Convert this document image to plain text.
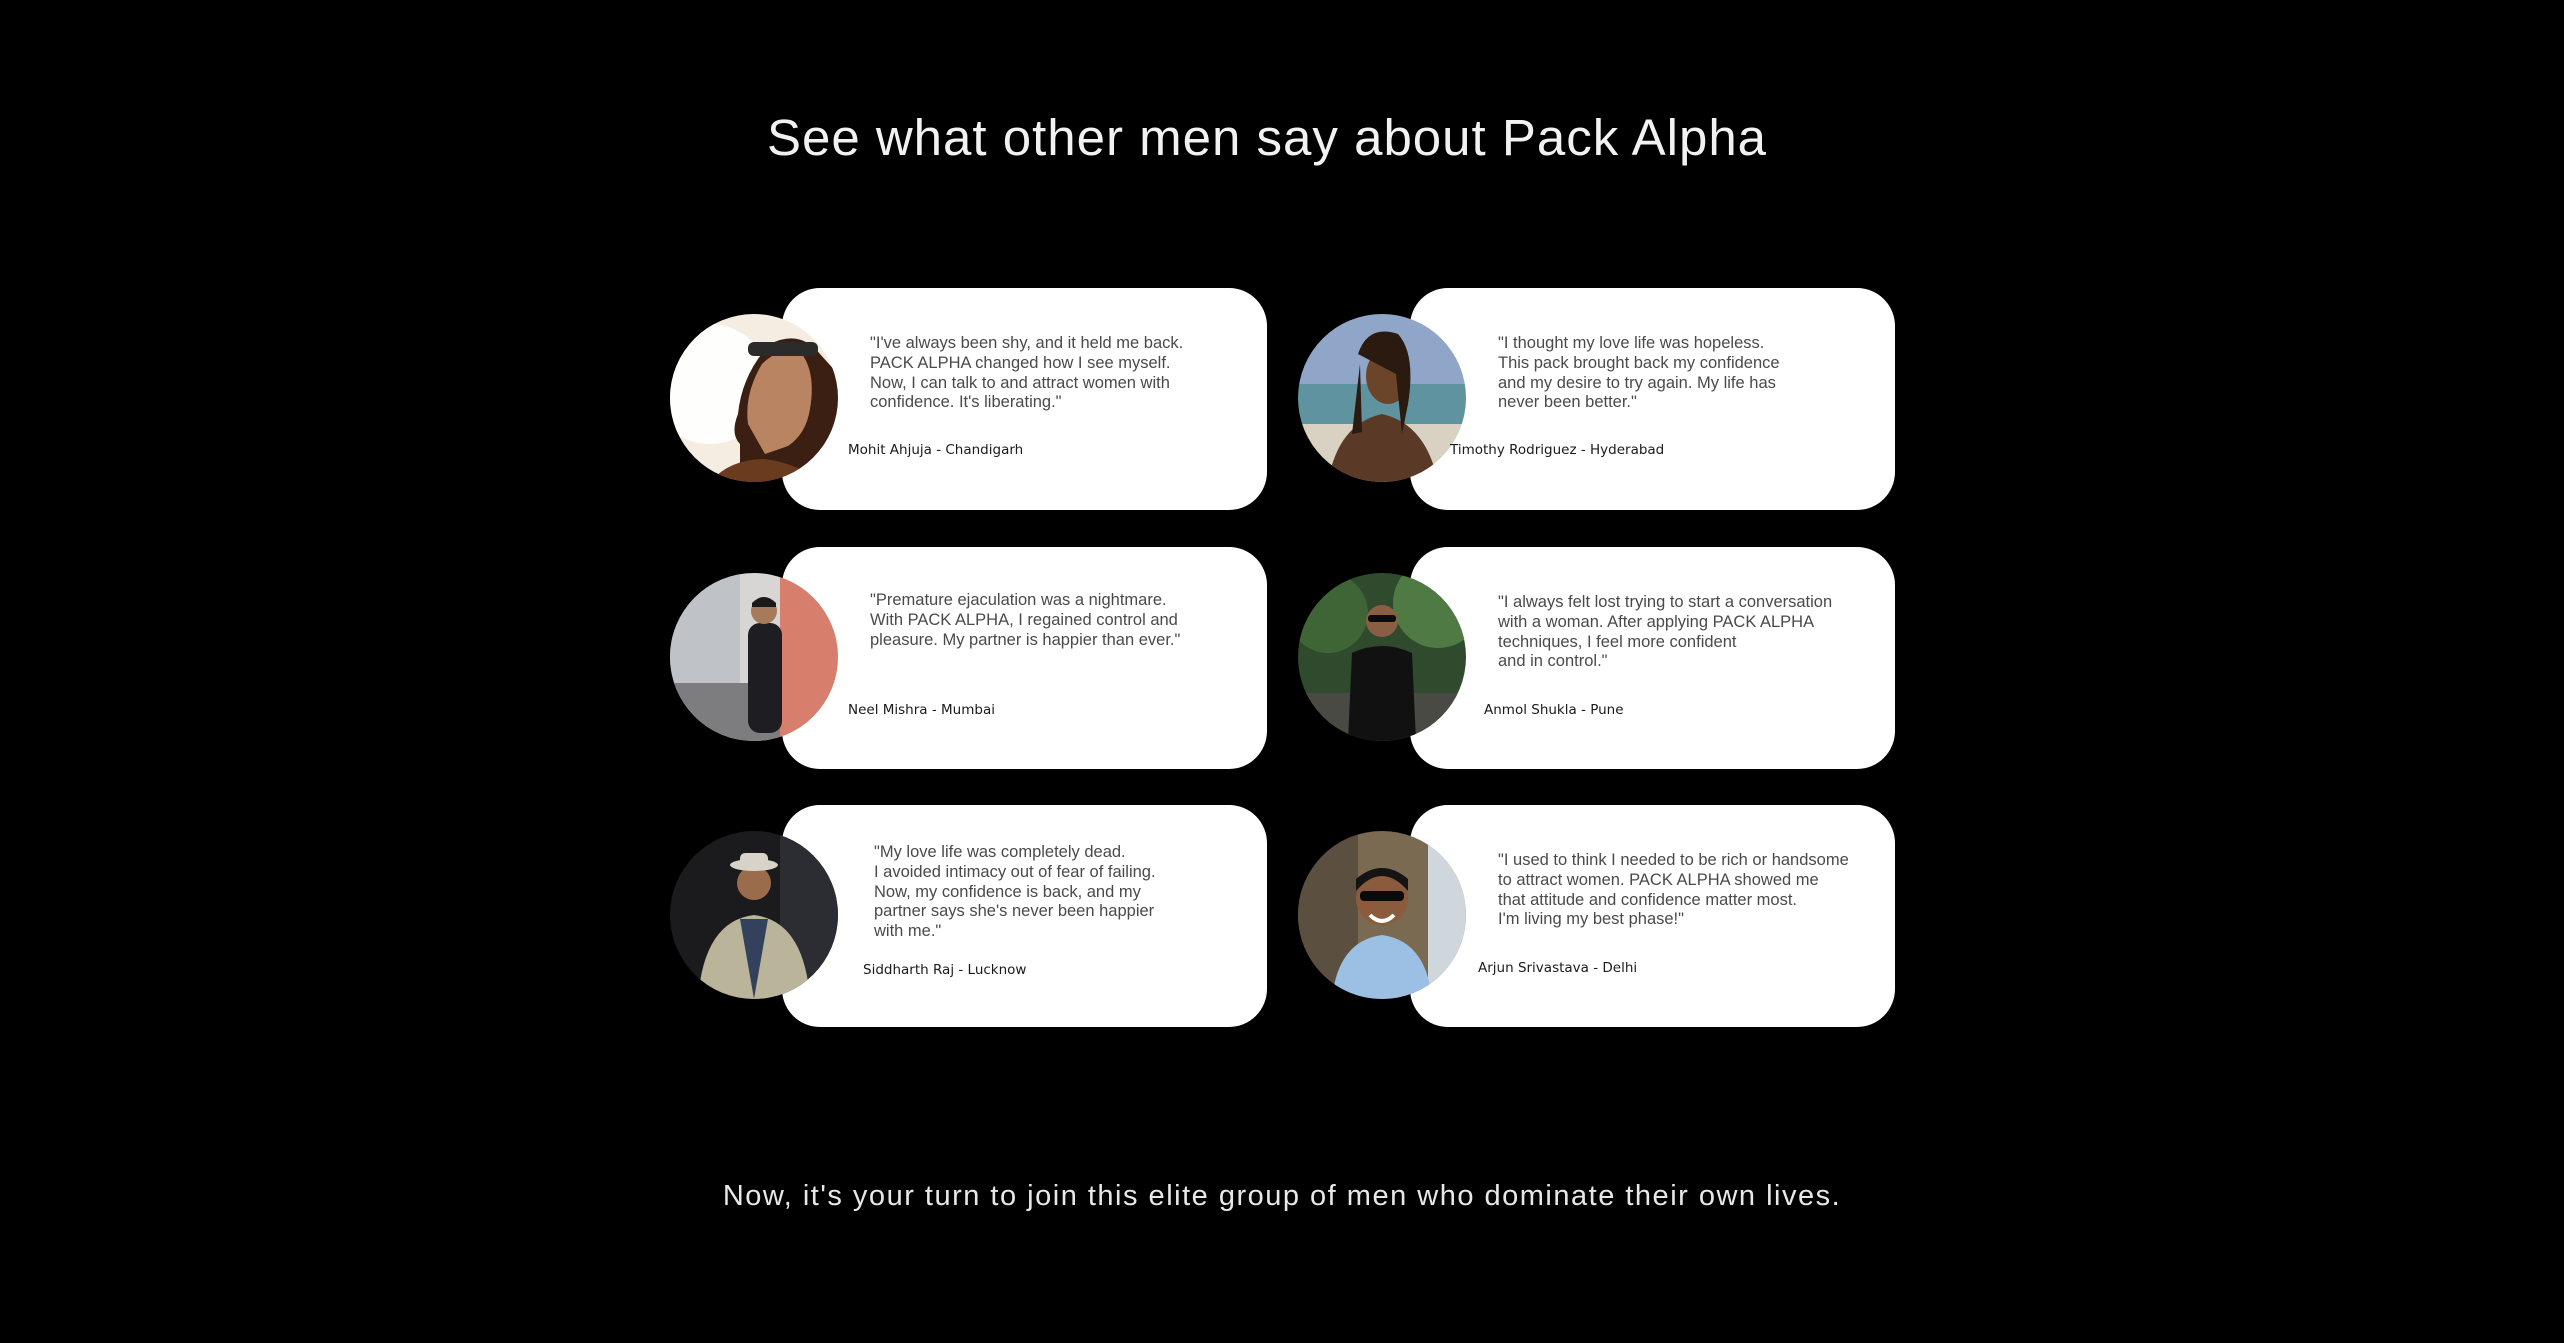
See what other men say about Pack Alpha

"I've always been shy, and it held me back.
PACK ALPHA changed how I see myself.
Now, I can talk to and attract women with
confidence. It's liberating."

Mohit Ahjuja - Chandigarh

"I thought my love life was hopeless.
This pack brought back my confidence
and my desire to try again. My life has
never been better."

Timothy Rodriguez - Hyderabad

"Premature ejaculation was a nightmare.
With PACK ALPHA, I regained control and
pleasure. My partner is happier than ever."

Neel Mishra - Mumbai

"I always felt lost trying to start a conversation
with a woman. After applying PACK ALPHA
techniques, I feel more confident
and in control."

Anmol Shukla - Pune

"My love life was completely dead.
I avoided intimacy out of fear of failing.
Now, my confidence is back, and my
partner says she's never been happier
with me."

Siddharth Raj - Lucknow

"I used to think I needed to be rich or handsome
to attract women. PACK ALPHA showed me
that attitude and confidence matter most.
I'm living my best phase!"

Arjun Srivastava - Delhi
Now, it's your turn to join this elite group of men who dominate their own lives.
